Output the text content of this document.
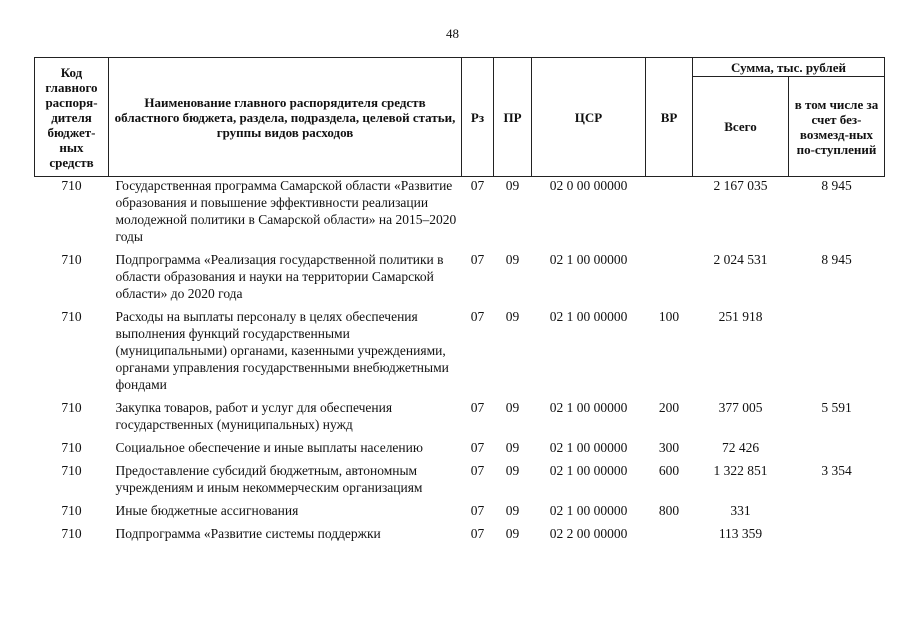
48
Код главного распоря-дителя бюджет-ных средств	Наименование главного распорядителя средств областного бюджета, раздела, подраздела, целевой статьи, группы видов расходов	Рз	ПР	ЦСР	ВР	Сумма, тыс. рублей	
						Всего	в том числе за счет без-возмезд-ных по-ступлений
710	Государственная программа Самарской области «Развитие образования и повышение эффективности реализации молодежной политики в Самарской области» на 2015–2020 годы	07	09	02 0 00 00000		2 167 035	8 945
710	Подпрограмма «Реализация государственной политики в области образования и науки на территории Самарской области» до 2020 года	07	09	02 1 00 00000		2 024 531	8 945
710	Расходы на выплаты персоналу в целях обеспечения выполнения функций государственными (муниципальными) органами, казенными учреждениями, органами управления государственными внебюджетными фондами	07	09	02 1 00 00000	100	251 918	
710	Закупка товаров, работ и услуг для обеспечения государственных (муниципальных) нужд	07	09	02 1 00 00000	200	377 005	5 591
710	Социальное обеспечение и иные выплаты населению	07	09	02 1 00 00000	300	72 426	
710	Предоставление субсидий бюджетным, автономным учреждениям и иным некоммерческим организациям	07	09	02 1 00 00000	600	1 322 851	3 354
710	Иные бюджетные ассигнования	07	09	02 1 00 00000	800	331	
710	Подпрограмма «Развитие системы поддержки	07	09	02 2 00 00000		113 359	
